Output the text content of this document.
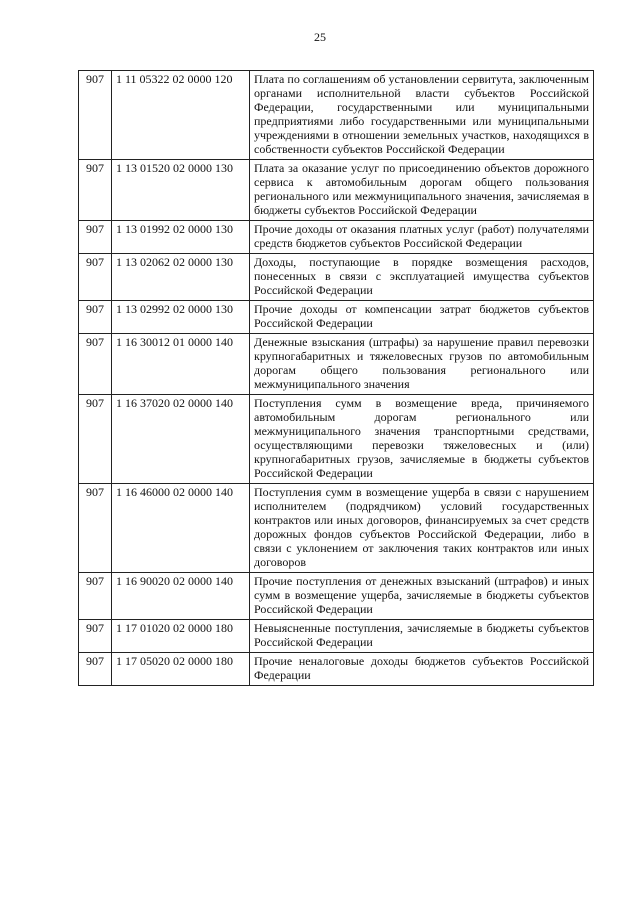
25
907	1 11 05322 02 0000 120	Плата по соглашениям об установлении сервитута, заключенным органами исполнительной власти субъектов Российской Федерации, государственными или муниципальными предприятиями либо государственными или муниципальными учреждениями в отношении земельных участков, находящихся в собственности субъектов Российской Федерации
907	1 13 01520 02 0000 130	Плата за оказание услуг по присоединению объектов дорожного сервиса к автомобильным дорогам общего пользования регионального или межмуниципального значения, зачисляемая в бюджеты субъектов Российской Федерации
907	1 13 01992 02 0000 130	Прочие доходы от оказания платных услуг (работ) получателями средств бюджетов субъектов Российской Федерации
907	1 13 02062 02 0000 130	Доходы, поступающие в порядке возмещения расходов, понесенных в связи с эксплуатацией имущества субъектов Российской Федерации
907	1 13 02992 02 0000 130	Прочие доходы от компенсации затрат бюджетов субъектов Российской Федерации
907	1 16 30012 01 0000 140	Денежные взыскания (штрафы) за нарушение правил перевозки крупногабаритных и тяжеловесных грузов по автомобильным дорогам общего пользования регионального или межмуниципального значения
907	1 16 37020 02 0000 140	Поступления сумм в возмещение вреда, причиняемого автомобильным дорогам регионального или межмуниципального значения транспортными средствами, осуществляющими перевозки тяжеловесных и (или) крупногабаритных грузов, зачисляемые в бюджеты субъектов Российской Федерации
907	1 16 46000 02 0000 140	Поступления сумм в возмещение ущерба в связи с нарушением исполнителем (подрядчиком) условий государственных контрактов или иных договоров, финансируемых за счет средств дорожных фондов субъектов Российской Федерации, либо в связи с уклонением от заключения таких контрактов или иных договоров
907	1 16 90020 02 0000 140	Прочие поступления от денежных взысканий (штрафов) и иных сумм в возмещение ущерба, зачисляемые в бюджеты субъектов Российской Федерации
907	1 17 01020 02 0000 180	Невыясненные поступления, зачисляемые в бюджеты субъектов Российской Федерации
907	1 17 05020 02 0000 180	Прочие неналоговые доходы бюджетов субъектов Российской Федерации
